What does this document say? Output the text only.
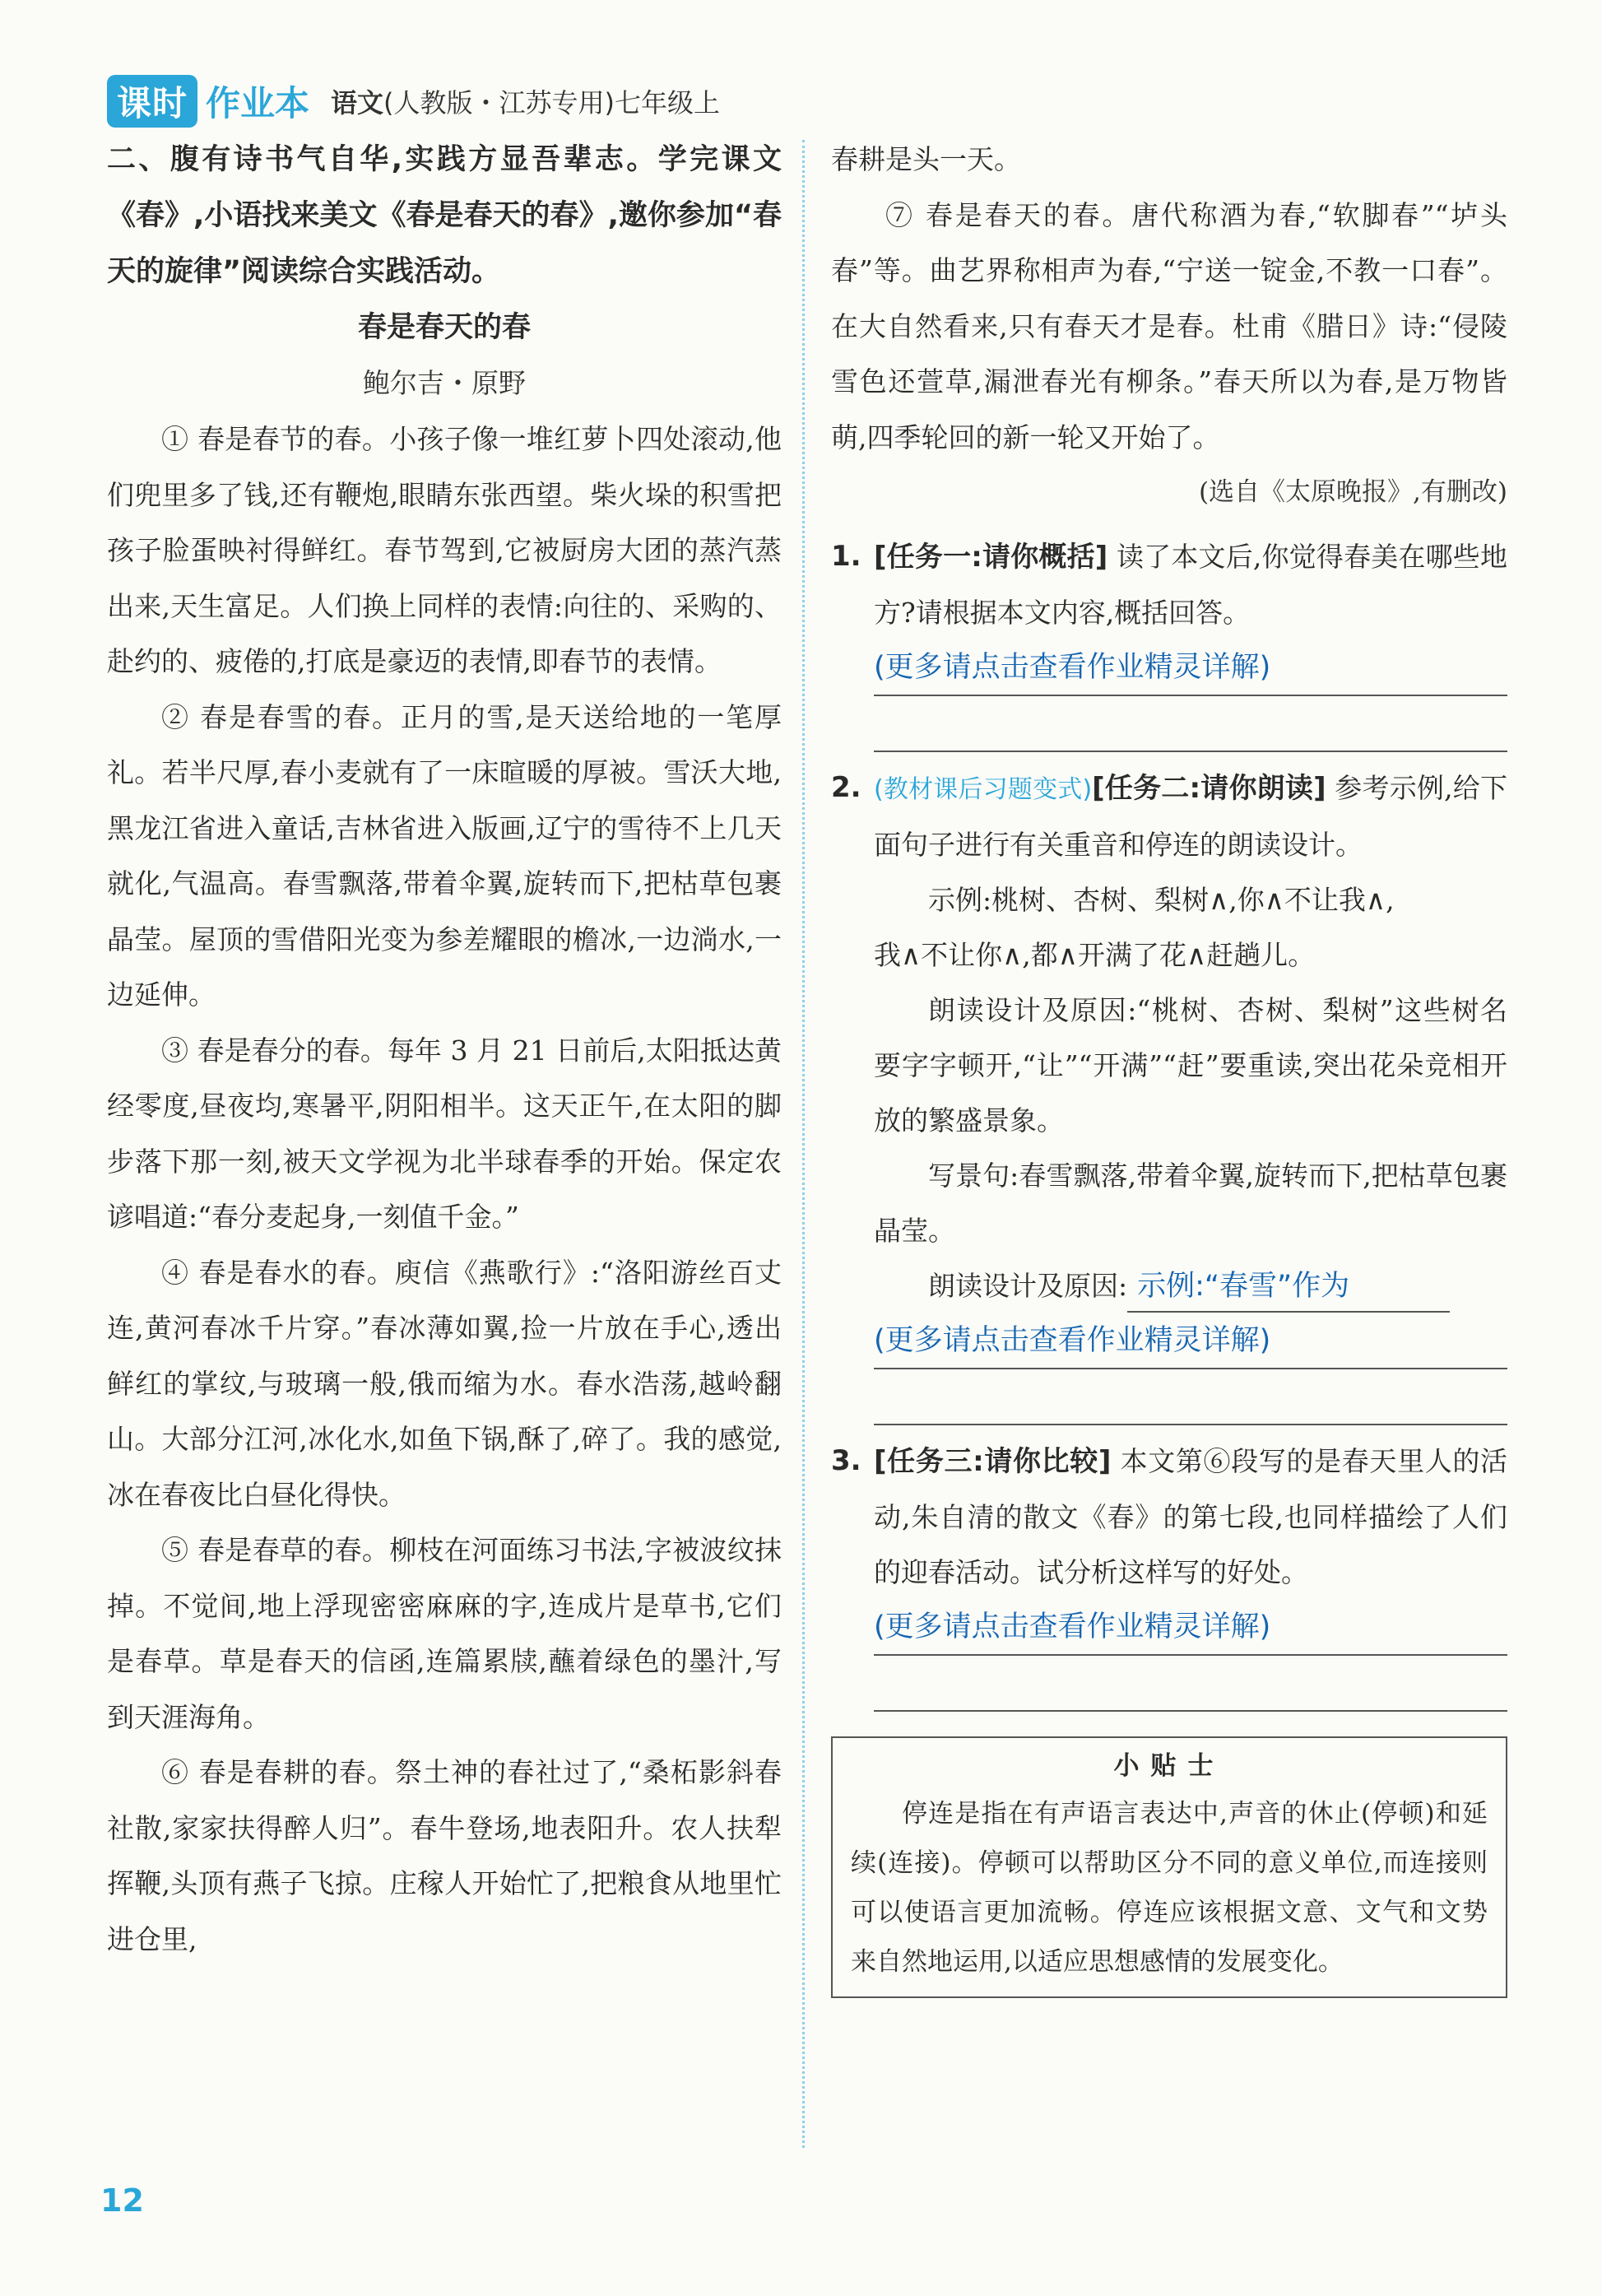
课时 作业本 语文(人教版・江苏专用)七年级上

二、腹有诗书气自华,实践方显吾辈志。学完课文《春》,小语找来美文《春是春天的春》,邀你参加“春天的旋律”阅读综合实践活动。

春是春天的春

鲍尔吉・原野

① 春是春节的春。小孩子像一堆红萝卜四处滚动,他们兜里多了钱,还有鞭炮,眼睛东张西望。柴火垛的积雪把孩子脸蛋映衬得鲜红。春节驾到,它被厨房大团的蒸汽蒸出来,天生富足。人们换上同样的表情:向往的、采购的、赴约的、疲倦的,打底是豪迈的表情,即春节的表情。

② 春是春雪的春。正月的雪,是天送给地的一笔厚礼。若半尺厚,春小麦就有了一床暄暖的厚被。雪沃大地,黑龙江省进入童话,吉林省进入版画,辽宁的雪待不上几天就化,气温高。春雪飘落,带着伞翼,旋转而下,把枯草包裹晶莹。屋顶的雪借阳光变为参差耀眼的檐冰,一边淌水,一边延伸。

③ 春是春分的春。每年 3 月 21 日前后,太阳抵达黄经零度,昼夜均,寒暑平,阴阳相半。这天正午,在太阳的脚步落下那一刻,被天文学视为北半球春季的开始。保定农谚唱道:“春分麦起身,一刻值千金。”

④ 春是春水的春。庾信《燕歌行》:“洛阳游丝百丈连,黄河春冰千片穿。”春冰薄如翼,捡一片放在手心,透出鲜红的掌纹,与玻璃一般,俄而缩为水。春水浩荡,越岭翻山。大部分江河,冰化水,如鱼下锅,酥了,碎了。我的感觉,冰在春夜比白昼化得快。

⑤ 春是春草的春。柳枝在河面练习书法,字被波纹抹掉。不觉间,地上浮现密密麻麻的字,连成片是草书,它们是春草。草是春天的信函,连篇累牍,蘸着绿色的墨汁,写到天涯海角。

⑥ 春是春耕的春。祭土神的春社过了,“桑柘影斜春社散,家家扶得醉人归”。春牛登场,地表阳升。农人扶犁挥鞭,头顶有燕子飞掠。庄稼人开始忙了,把粮食从地里忙进仓里,

春耕是头一天。

⑦ 春是春天的春。唐代称酒为春,“软脚春”“垆头春”等。曲艺界称相声为春,“宁送一锭金,不教一口春”。在大自然看来,只有春天才是春。杜甫《腊日》诗:“侵陵雪色还萱草,漏泄春光有柳条。”春天所以为春,是万物皆萌,四季轮回的新一轮又开始了。

(选自《太原晚报》,有删改)

1. [任务一:请你概括] 读了本文后,你觉得春美在哪些地方?请根据本文内容,概括回答。

(更多请点击查看作业精灵详解)
2. (教材课后习题变式)[任务二:请你朗读] 参考示例,给下面句子进行有关重音和停连的朗读设计。

示例:桃树、杏树、梨树∧,你∧不让我∧,

我∧不让你∧,都∧开满了花∧赶趟儿。

朗读设计及原因:“桃树、杏树、梨树”这些树名要字字顿开,“让”“开满”“赶”要重读,突出花朵竞相开放的繁盛景象。

写景句:春雪飘落,带着伞翼,旋转而下,把枯草包裹晶莹。

朗读设计及原因: 示例:“春雪”作为

(更多请点击查看作业精灵详解)
3. [任务三:请你比较] 本文第⑥段写的是春天里人的活动,朱自清的散文《春》的第七段,也同样描绘了人们的迎春活动。试分析这样写的好处。

(更多请点击查看作业精灵详解)

小贴士

停连是指在有声语言表达中,声音的休止(停顿)和延续(连接)。停顿可以帮助区分不同的意义单位,而连接则可以使语言更加流畅。停连应该根据文意、文气和文势来自然地运用,以适应思想感情的发展变化。

12
